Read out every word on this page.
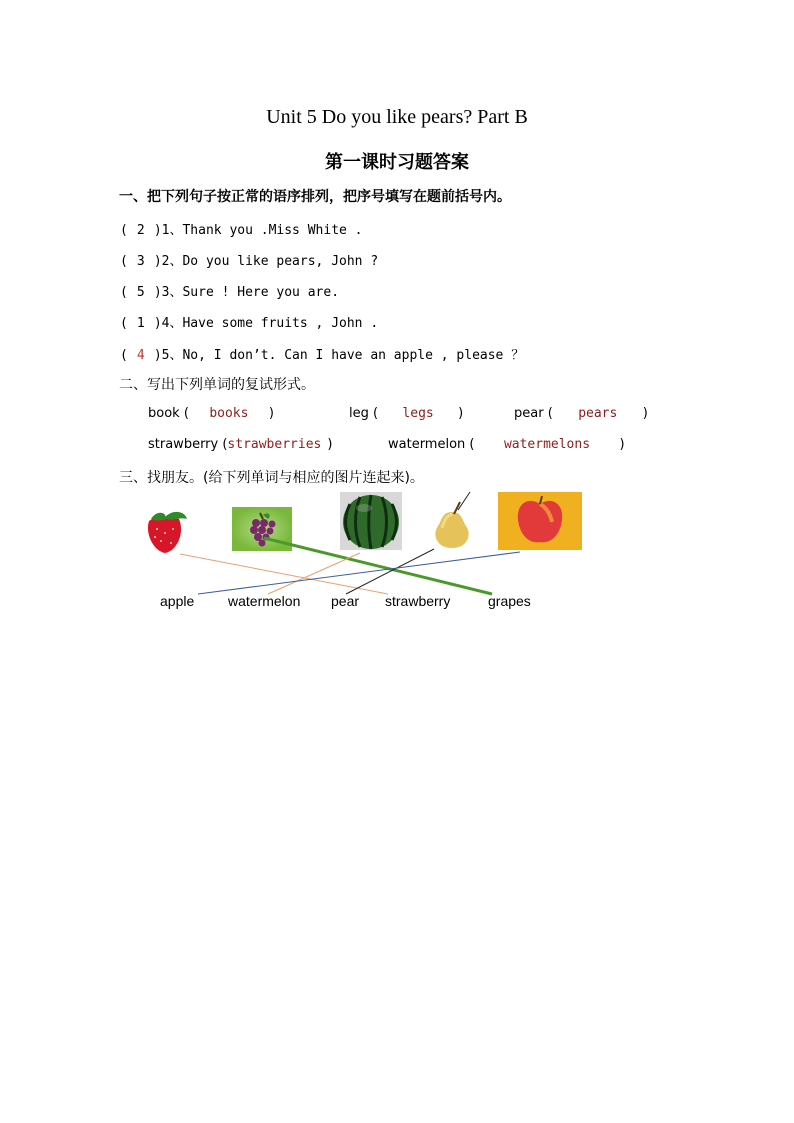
Unit 5 Do you like pears? Part B
第一课时习题答案
一、把下列句子按正常的语序排列，把序号填写在题前括号内。
( 2 )1、Thank you .Miss White .
( 3 )2、Do you like pears, John ?
( 5 )3、Sure ! Here you are.
( 1 )4、Have some fruits , John .
( 4 )5、No, I don’t. Can I have an apple , please ？
二、写出下列单词的复试形式。
book ( books )	leg ( legs )	pear ( pears )
strawberry (strawberries )	watermelon ( watermelons )
三、找朋友。(给下列单词与相应的图片连起来)。
apple watermelon pear strawberry	grapes
